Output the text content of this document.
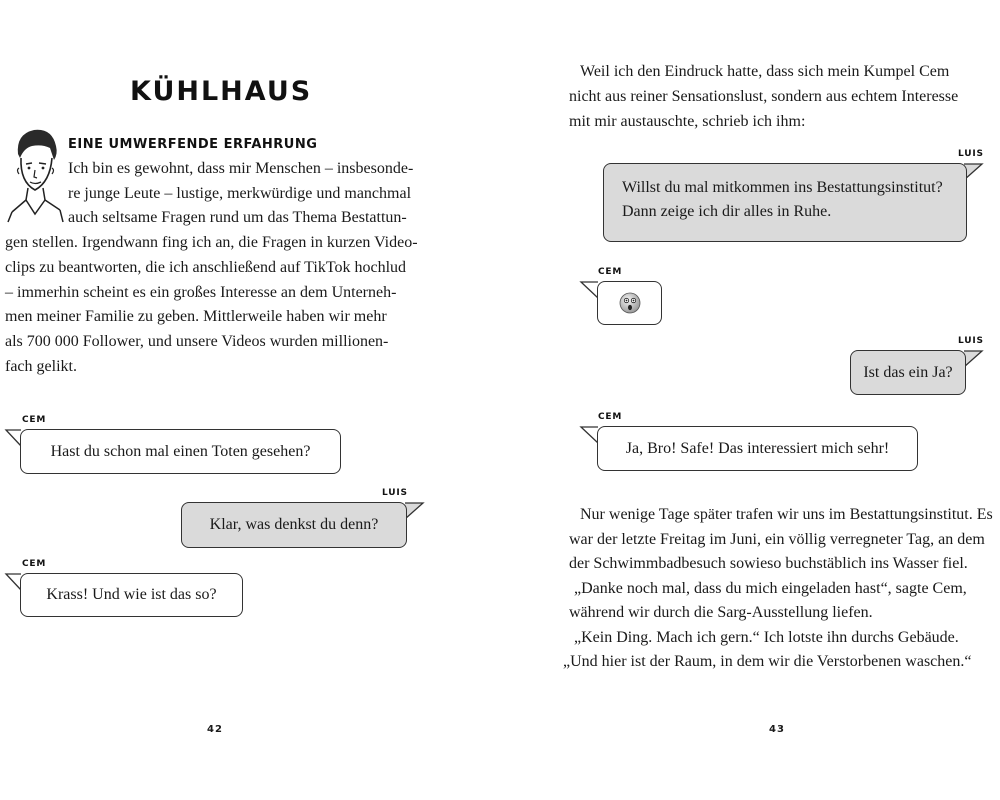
KÜHLHAUS
EINE UMWERFENDE ERFAHRUNG
Ich bin es gewohnt, dass mir Menschen – insbesonde-
re junge Leute – lustige, merkwürdige und manchmal
auch seltsame Fragen rund um das Thema Bestattun-
gen stellen. Irgendwann fing ich an, die Fragen in kurzen Video-
clips zu beantworten, die ich anschließend auf TikTok hochlud
– immerhin scheint es ein großes Interesse an dem Unterneh-
men meiner Familie zu geben. Mittlerweile haben wir mehr
als 700 000 Follower, und unsere Videos wurden millionen-
fach gelikt.
CEM
Hast du schon mal einen Toten gesehen?
LUIS
Klar, was denkst du denn?
CEM
Krass! Und wie ist das so?
42
Weil ich den Eindruck hatte, dass sich mein Kumpel Cem
nicht aus reiner Sensationslust, sondern aus echtem Interesse
mit mir austauschte, schrieb ich ihm:
LUIS
Willst du mal mitkommen ins Bestattungsinstitut?
Dann zeige ich dir alles in Ruhe.
CEM
LUIS
Ist das ein Ja?
CEM
Ja, Bro! Safe! Das interessiert mich sehr!
Nur wenige Tage später trafen wir uns im Bestattungsinstitut. Es
war der letzte Freitag im Juni, ein völlig verregneter Tag, an dem
der Schwimmbadbesuch sowieso buchstäblich ins Wasser fiel.
„Danke noch mal, dass du mich eingeladen hast“, sagte Cem,
während wir durch die Sarg-Ausstellung liefen.
„Kein Ding. Mach ich gern.“ Ich lotste ihn durchs Gebäude.
„Und hier ist der Raum, in dem wir die Verstorbenen waschen.“
43
